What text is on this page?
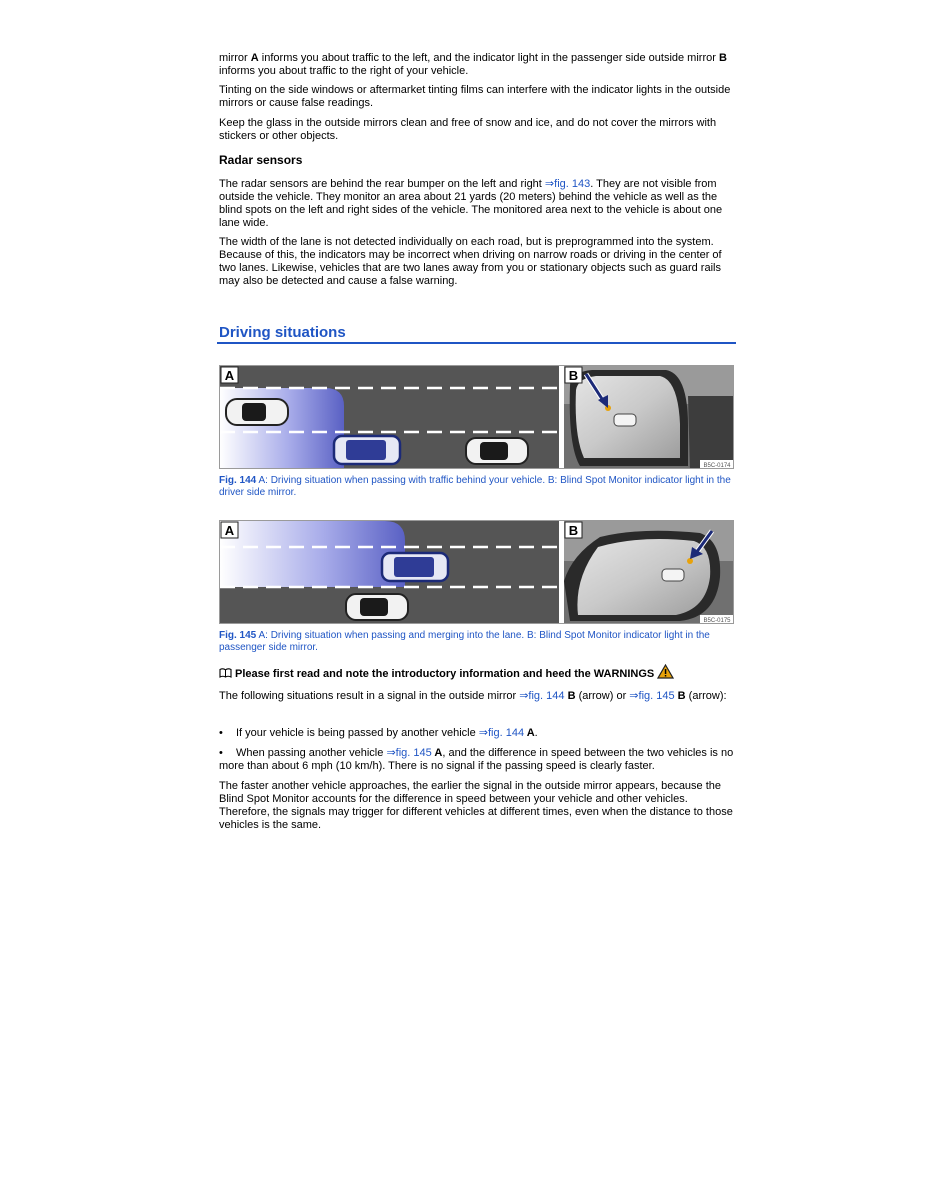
mirror A informs you about traffic to the left, and the indicator light in the passenger side outside mirror B informs you about traffic to the right of your vehicle.

Tinting on the side windows or aftermarket tinting films can interfere with the indicator lights in the outside mirrors or cause false readings.

Keep the glass in the outside mirrors clean and free of snow and ice, and do not cover the mirrors with stickers or other objects.

Radar sensors

The radar sensors are behind the rear bumper on the left and right ⇒fig. 143. They are not visible from outside the vehicle. They monitor an area about 21 yards (20 meters) behind the vehicle as well as the blind spots on the left and right sides of the vehicle. The monitored area next to the vehicle is about one lane wide.

The width of the lane is not detected individually on each road, but is preprogrammed into the system. Because of this, the indicators may be incorrect when driving on narrow roads or driving in the center of two lanes. Likewise, vehicles that are two lanes away from you or stationary objects such as guard rails may also be detected and cause a false warning.

Driving situations

A	B
B5C-0174

Fig. 144 A: Driving situation when passing with traffic behind your vehicle. B: Blind Spot Monitor indicator light in the driver side mirror.

A	B
B5C-0175

Fig. 145 A: Driving situation when passing and merging into the lane. B: Blind Spot Monitor indicator light in the passenger side mirror.

Please first read and note the introductory information and heed the WARNINGS

The following situations result in a signal in the outside mirror ⇒fig. 144 B (arrow) or ⇒fig. 145 B (arrow):

•	If your vehicle is being passed by another vehicle ⇒fig. 144 A.

•	When passing another vehicle ⇒fig. 145 A, and the difference in speed between the two vehicles is no more than about 6 mph (10 km/h). There is no signal if the passing speed is clearly faster.

The faster another vehicle approaches, the earlier the signal in the outside mirror appears, because the Blind Spot Monitor accounts for the difference in speed between your vehicle and other vehicles. Therefore, the signals may trigger for different vehicles at different times, even when the distance to those vehicles is the same.
